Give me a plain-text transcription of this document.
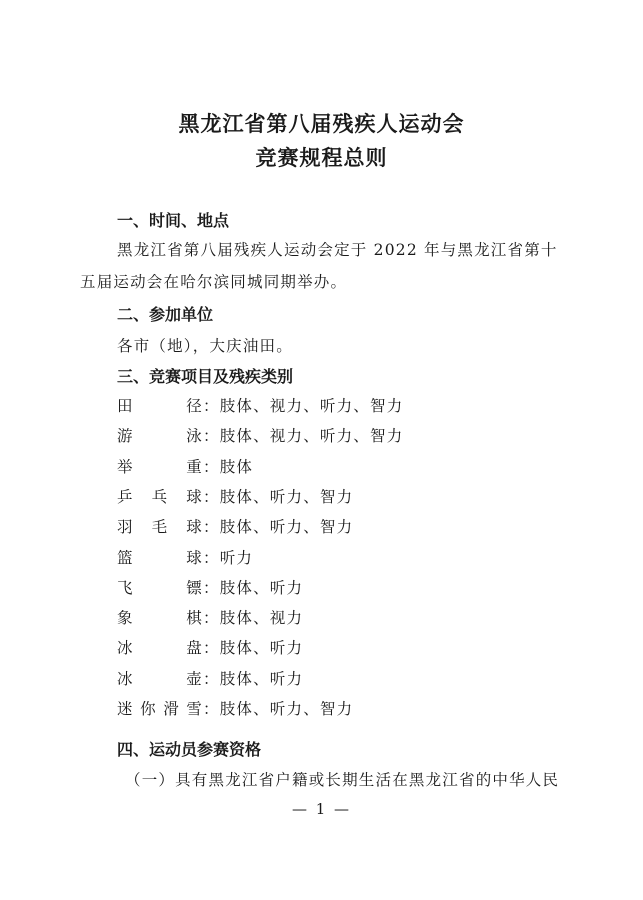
黑龙江省第八届残疾人运动会
竞赛规程总则
一、时间、地点
黑龙江省第八届残疾人运动会定于 2022 年与黑龙江省第十
五届运动会在哈尔滨同城同期举办。
二、参加单位
各市（地），大庆油田。
三、竞赛项目及残疾类别
田径：肢体、视力、听力、智力
游泳：肢体、视力、听力、智力
举重：肢体
乒乓球：肢体、听力、智力
羽毛球：肢体、听力、智力
篮球：听力
飞镖：肢体、听力
象棋：肢体、视力
冰盘：肢体、听力
冰壶：肢体、听力
迷你滑雪：肢体、听力、智力
四、运动员参赛资格
（一）具有黑龙江省户籍或长期生活在黑龙江省的中华人民
— 1 —
